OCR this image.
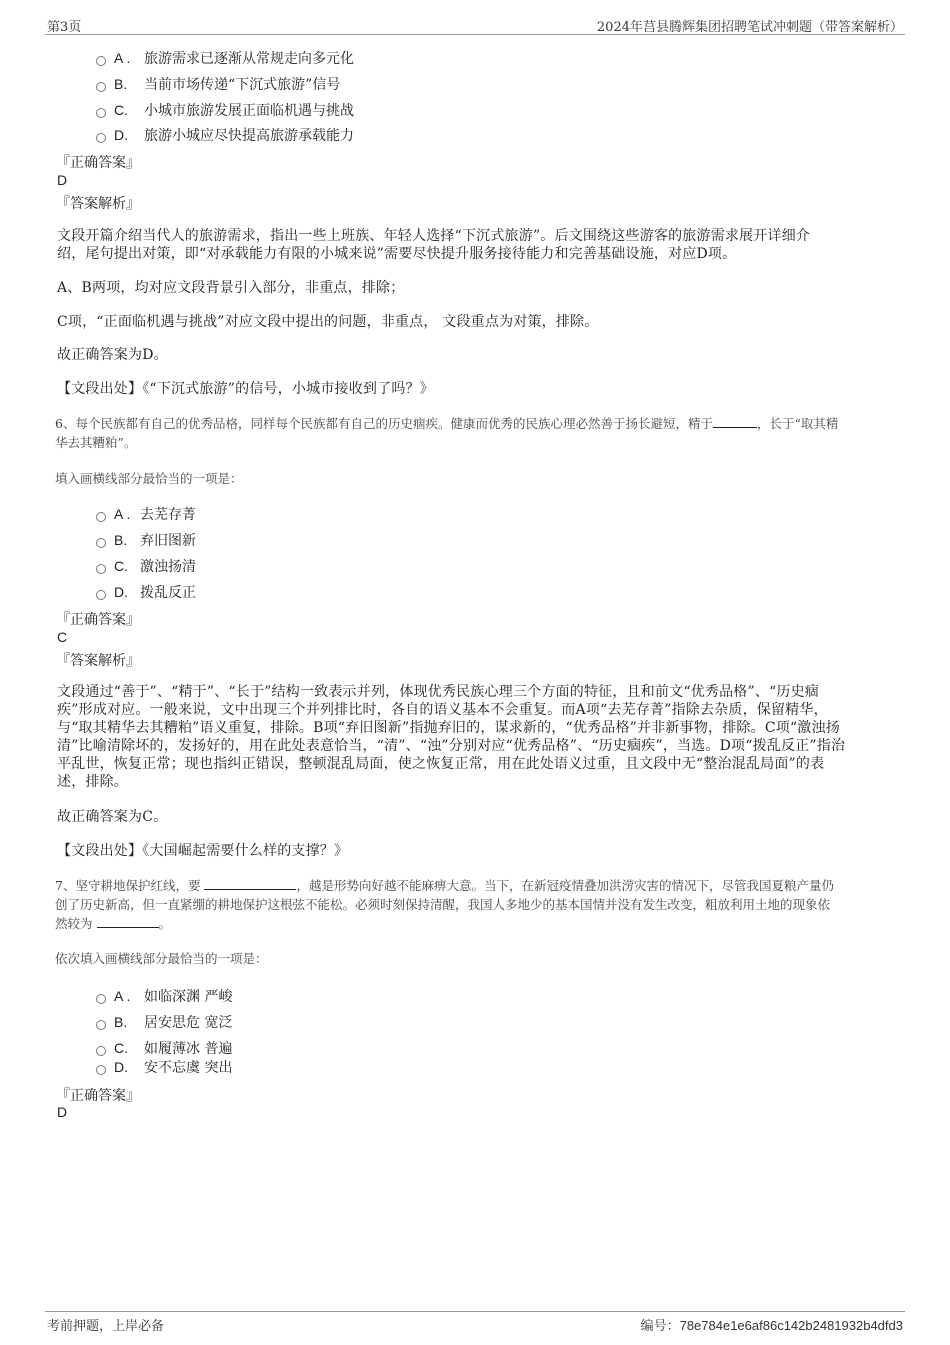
第3页	2024年莒县腾辉集团招聘笔试冲刺题（带答案解析）
A . 旅游需求已逐渐从常规走向多元化
B. 当前市场传递“下沉式旅游”信号
C. 小城市旅游发展正面临机遇与挑战
D. 旅游小城应尽快提高旅游承载能力
『正确答案』
D
『答案解析』
文段开篇介绍当代人的旅游需求，指出一些上班族、年轻人选择“下沉式旅游”。后文围绕这些游客的旅游需求展开详细介
绍，尾句提出对策，即“对承载能力有限的小城来说”需要尽快提升服务接待能力和完善基础设施，对应D项。
A、B两项，均对应文段背景引入部分，非重点，排除；
C项，“正面临机遇与挑战”对应文段中提出的问题，非重点， 文段重点为对策，排除。
故正确答案为D。
【文段出处】《“下沉式旅游”的信号，小城市接收到了吗？》
6、每个民族都有自己的优秀品格，同样每个民族都有自己的历史痼疾。健康而优秀的民族心理必然善于扬长避短，精于	，长于“取其精
华去其糟粕”。
填入画横线部分最恰当的一项是：
A . 去芜存菁
B. 弃旧图新
C. 激浊扬清
D. 拨乱反正
『正确答案』
C
『答案解析』
文段通过“善于”、“精于”、“长于”结构一致表示并列，体现优秀民族心理三个方面的特征，且和前文“优秀品格”、“历史痼
疾”形成对应。一般来说，文中出现三个并列排比时，各自的语义基本不会重复。而A项“去芜存菁”指除去杂质，保留精华，
与“取其精华去其糟粕”语义重复，排除。B项“弃旧图新”指抛弃旧的，谋求新的，“优秀品格”并非新事物，排除。C项“激浊扬
清”比喻清除坏的，发扬好的，用在此处表意恰当，“清”、“浊”分别对应“优秀品格”、“历史痼疾”，当选。D项“拨乱反正”指治
平乱世，恢复正常；现也指纠正错误，整顿混乱局面，使之恢复正常，用在此处语义过重，且文段中无“整治混乱局面”的表
述，排除。
故正确答案为C。
【文段出处】《大国崛起需要什么样的支撑？》
7、坚守耕地保护红线，要	，越是形势向好越不能麻痹大意。当下，在新冠疫情叠加洪涝灾害的情况下，尽管我国夏粮产量仍
创了历史新高，但一直紧绷的耕地保护这根弦不能松。必须时刻保持清醒，我国人多地少的基本国情并没有发生改变，粗放利用土地的现象依
然较为	。
依次填入画横线部分最恰当的一项是：
A . 如临深渊 严峻
B. 居安思危 宽泛
C. 如履薄冰 普遍
D. 安不忘虞 突出
『正确答案』
D
考前押题，上岸必备	编号：78e784e1e6af86c142b2481932b4dfd3
